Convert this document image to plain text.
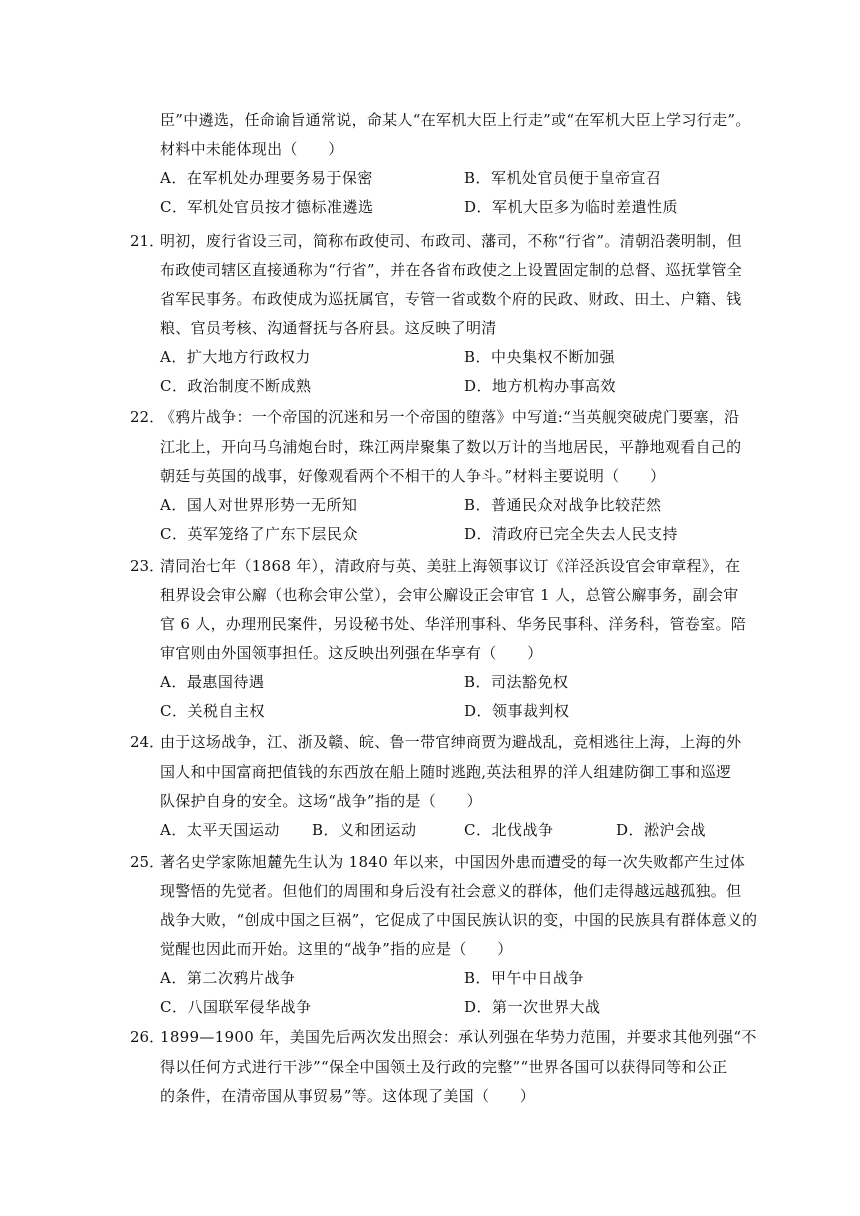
臣”中遴选，任命谕旨通常说，命某人“在军机大臣上行走”或“在军机大臣上学习行走”。
材料中未能体现出（　　）
A．在军机处办理要务易于保密	B．军机处官员便于皇帝宣召
C．军机处官员按才德标准遴选	D．军机大臣多为临时差遣性质
21．
明初，废行省设三司，简称布政使司、布政司、藩司，不称“行省”。清朝沿袭明制，但
布政使司辖区直接通称为“行省”，并在各省布政使之上设置固定制的总督、巡抚掌管全
省军民事务。布政使成为巡抚属官，专管一省或数个府的民政、财政、田土、户籍、钱
粮、官员考核、沟通督抚与各府县。这反映了明清
A．扩大地方行政权力	B．中央集权不断加强
C．政治制度不断成熟	D．地方机构办事高效
22．
《鸦片战争：一个帝国的沉迷和另一个帝国的堕落》中写道:“当英舰突破虎门要塞，沿
江北上，开向马乌浦炮台时，珠江两岸聚集了数以万计的当地居民，平静地观看自己的
朝廷与英国的战事，好像观看两个不相干的人争斗。”材料主要说明（　　）
A．国人对世界形势一无所知	B．普通民众对战争比较茫然
C．英军笼络了广东下层民众	D．清政府已完全失去人民支持
23．
清同治七年（1868 年），清政府与英、美驻上海领事议订《洋泾浜设官会审章程》，在
租界设会审公廨（也称会审公堂），会审公廨设正会审官 1 人，总管公廨事务，副会审
官 6 人，办理刑民案件，另设秘书处、华洋刑事科、华务民事科、洋务科，管卷室。陪
审官则由外国领事担任。这反映出列强在华享有（　　）
A．最惠国待遇	B．司法豁免权
C．关税自主权	D．领事裁判权
24．
由于这场战争，江、浙及赣、皖、鲁一带官绅商贾为避战乱，竞相逃往上海，上海的外
国人和中国富商把值钱的东西放在船上随时逃跑,英法租界的洋人组建防御工事和巡逻
队保护自身的安全。这场“战争”指的是（　　）
A．太平天国运动 B．义和团运动	C．北伐战争	D．淞沪会战
25．
著名史学家陈旭麓先生认为 1840 年以来，中国因外患而遭受的每一次失败都产生过体
现警悟的先觉者。但他们的周围和身后没有社会意义的群体，他们走得越远越孤独。但
战争大败，“创成中国之巨祸”，它促成了中国民族认识的变，中国的民族具有群体意义的
觉醒也因此而开始。这里的“战争”指的应是（　　）
A．第二次鸦片战争	B．甲午中日战争
C．八国联军侵华战争	D．第一次世界大战
26．
1899—1900 年，美国先后两次发出照会：承认列强在华势力范围，并要求其他列强“不
得以任何方式进行干涉”“保全中国领土及行政的完整”“世界各国可以获得同等和公正
的条件，在清帝国从事贸易”等。这体现了美国（　　）
